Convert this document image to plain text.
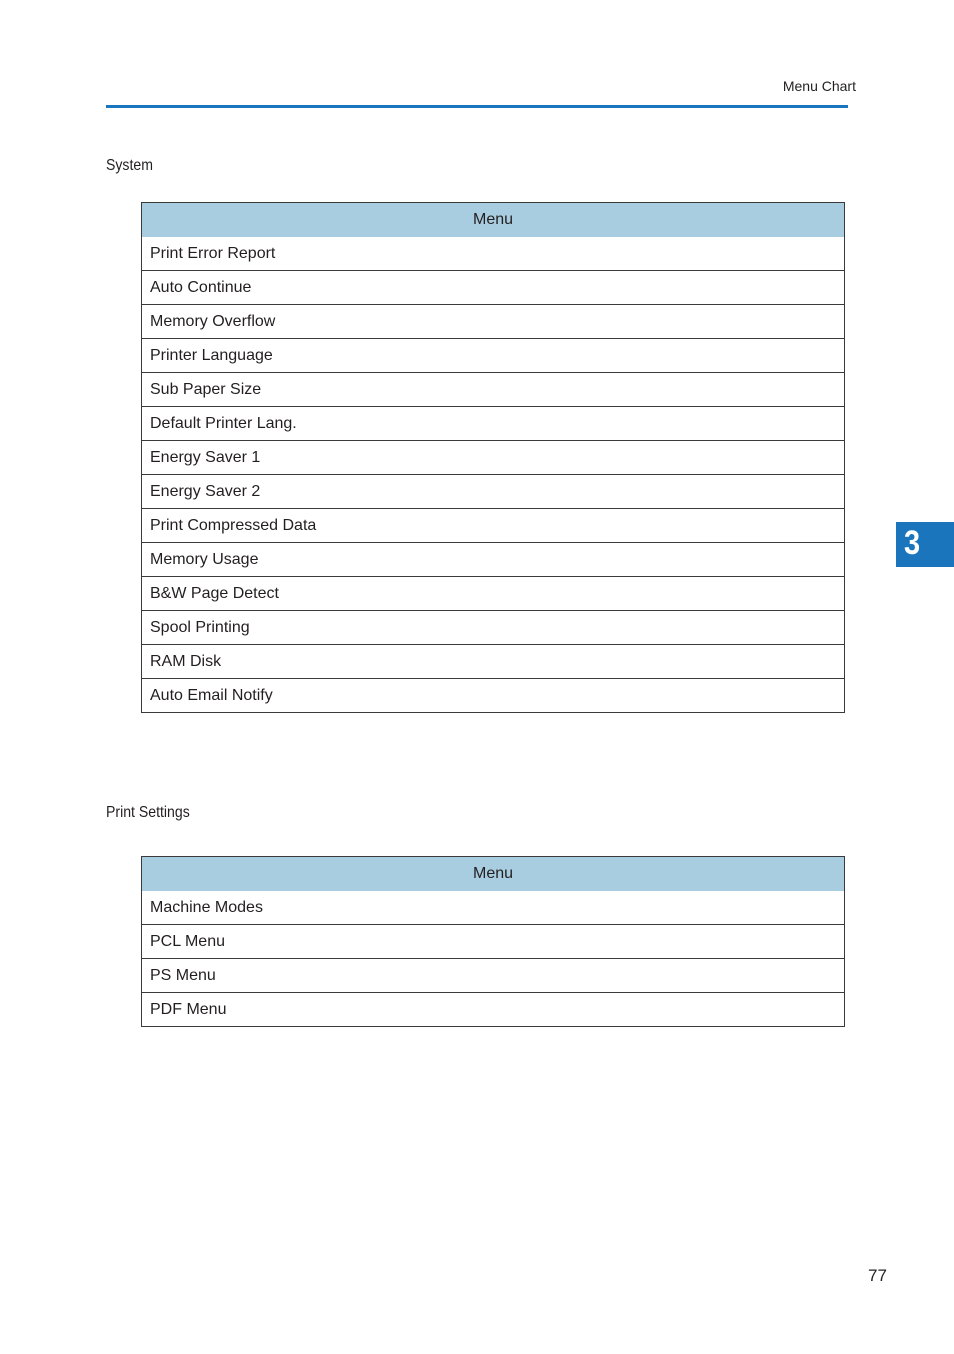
Menu Chart
System
Menu
Print Error Report
Auto Continue
Memory Overflow
Printer Language
Sub Paper Size
Default Printer Lang.
Energy Saver 1
Energy Saver 2
Print Compressed Data
Memory Usage
B&W Page Detect
Spool Printing
RAM Disk
Auto Email Notify
Print Settings
Menu
Machine Modes
PCL Menu
PS Menu
PDF Menu
3
77
